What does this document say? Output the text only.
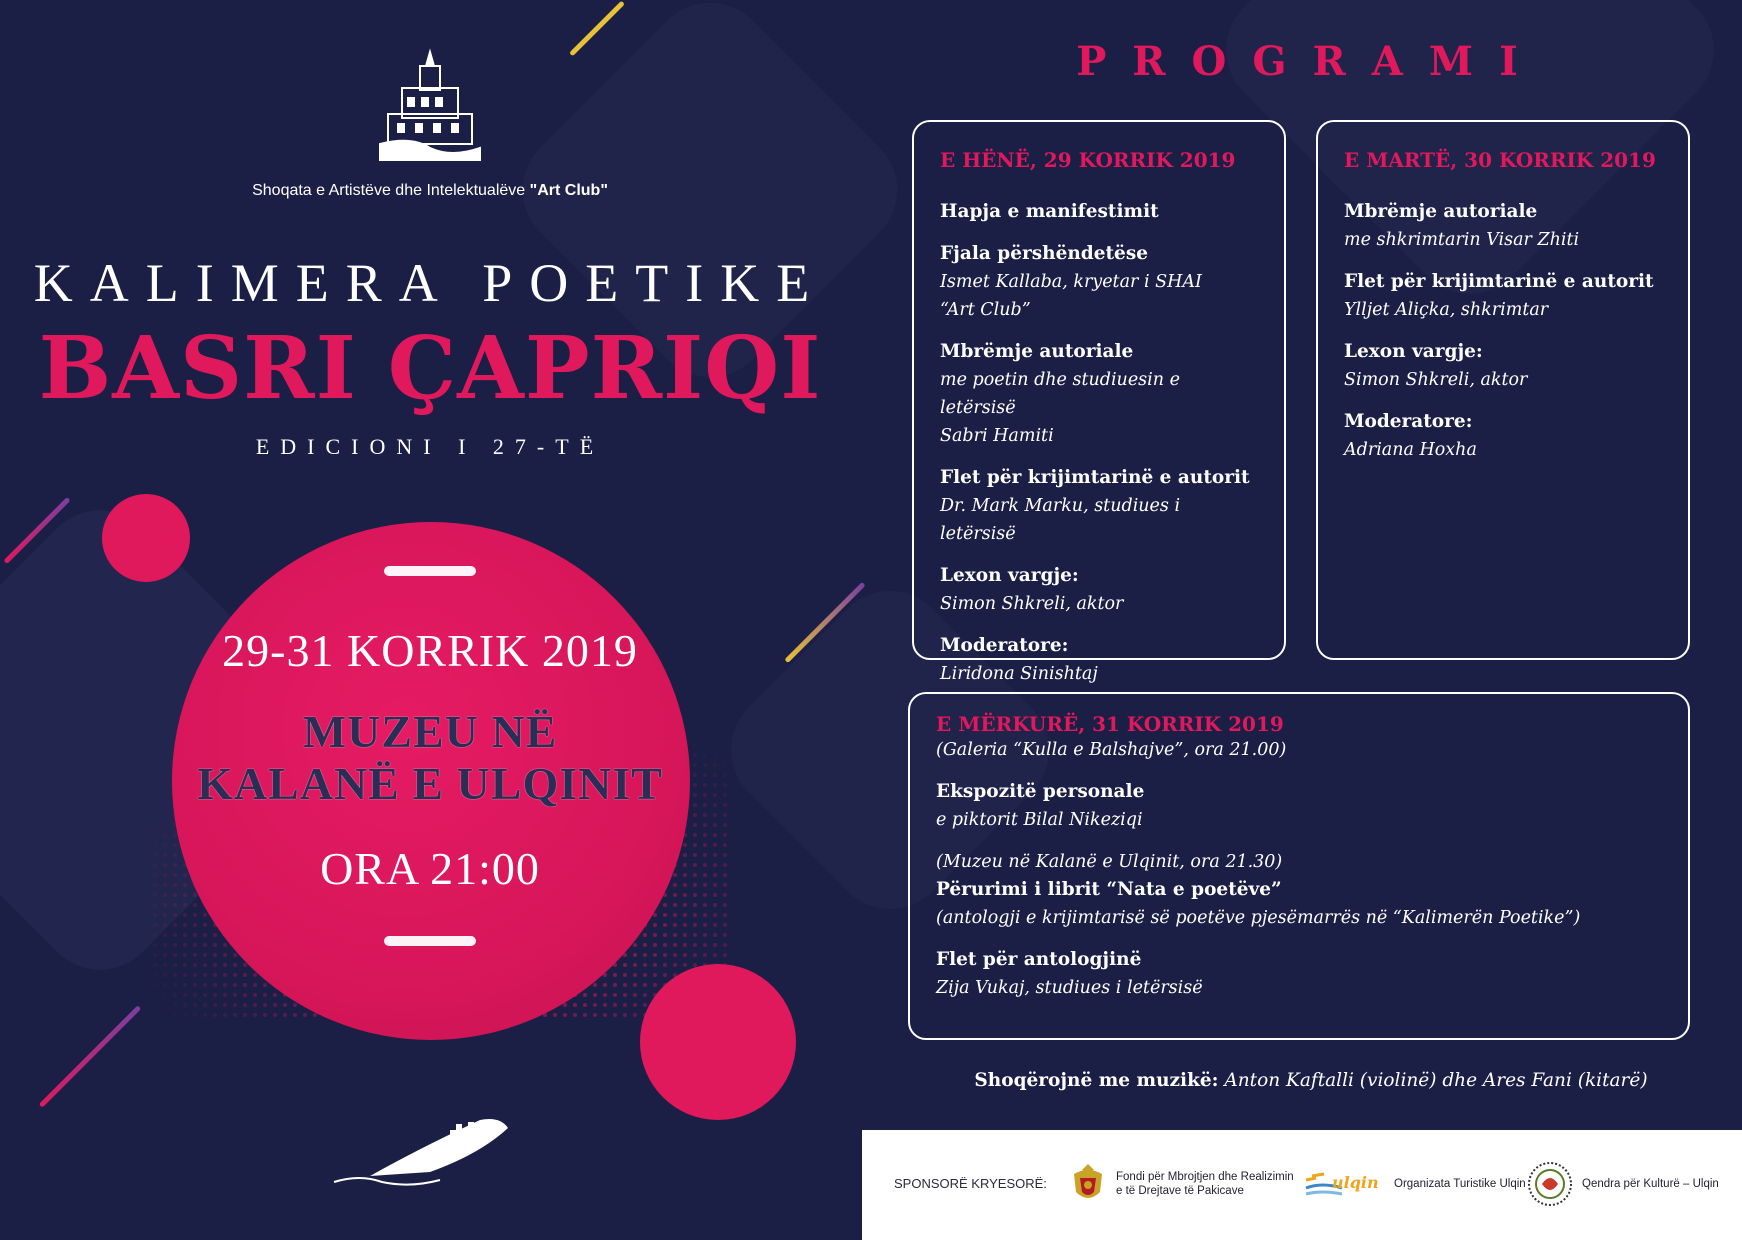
Shoqata e Artistëve dhe Intelektualëve "Art Club"
KALIMERA POETIKE
BASRI ÇAPRIQI
EDICIONI I 27-TË
29-31 KORRIK 2019
MUZEU NË
KALANË E ULQINIT
ORA 21:00
PROGRAMI
E HËNË, 29 KORRIK 2019
Hapja e manifestimit
Fjala përshëndetëse
Ismet Kallaba, kryetar i SHAI
“Art Club”
Mbrëmje autoriale
me poetin dhe studiuesin e letërsisë
Sabri Hamiti
Flet për krijimtarinë e autorit
Dr. Mark Marku, studiues i letërsisë
Lexon vargje:
Simon Shkreli, aktor
Moderatore:
Liridona Sinishtaj
E MARTË, 30 KORRIK 2019
Mbrëmje autoriale
me shkrimtarin Visar Zhiti
Flet për krijimtarinë e autorit
Ylljet Aliçka, shkrimtar
Lexon vargje:
Simon Shkreli, aktor
Moderatore:
Adriana Hoxha
E MËRKURË, 31 KORRIK 2019
(Galeria “Kulla e Balshajve”, ora 21.00)
Ekspozitë personale
e piktorit Bilal Nikeziqi
(Muzeu në Kalanë e Ulqinit, ora 21.30)
Përurimi i librit “Nata e poetëve”
(antologji e krijimtarisë së poetëve pjesëmarrës në “Kalimerën Poetike”)
Flet për antologjinë
Zija Vukaj, studiues i letërsisë
Shoqërojnë me muzikë: Anton Kaftalli (violinë) dhe Ares Fani (kitarë)
SPONSORË KRYESORË:	Fondi për Mbrojtjen dhe Realizimin
e të Drejtave të Pakicave	ulqin Organizata Turistike Ulqin	Qendra për Kulturë – Ulqin
